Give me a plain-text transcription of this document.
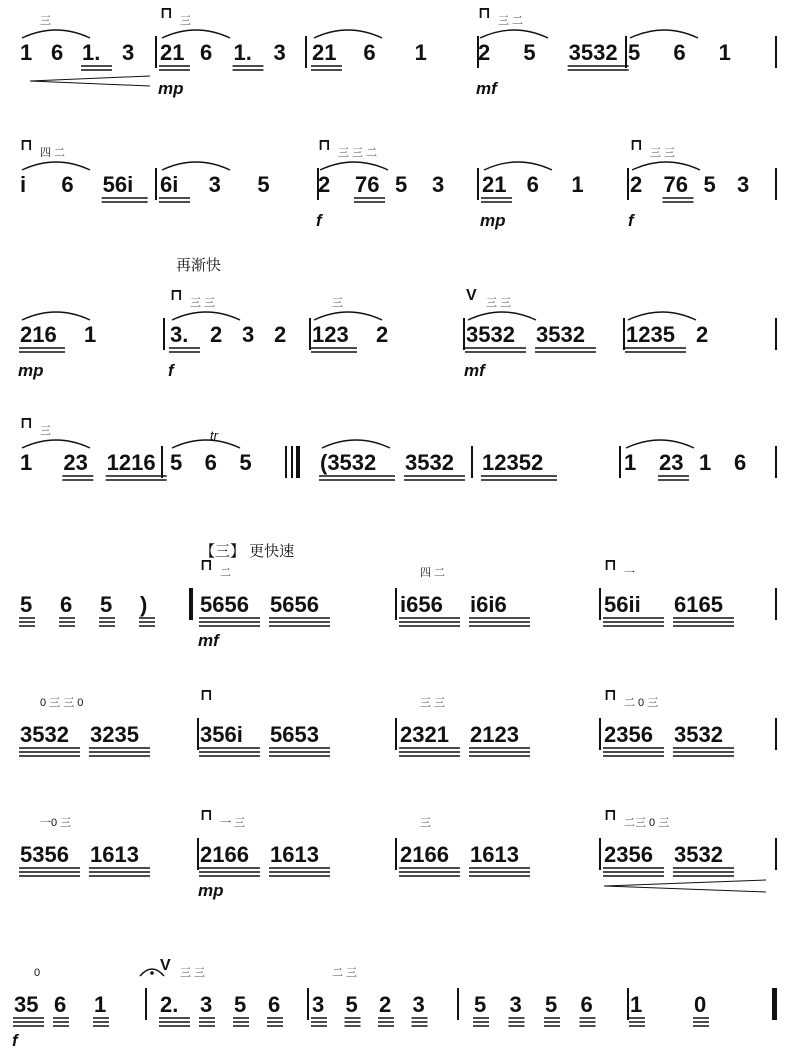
1 6 1. 3
三
21 6 1. 3
三
⊓
mp
21 6 1 2 5 3532
三 二
⊓
mf
5 6 1
i 6 56i
四 二
⊓
6i 3 5 2 76 5 3
三 三 二
⊓
f
21 6 1
mp
2 76 5 3
三 三
⊓
f
216 1
mp
3. 2 3 2
三 三
⊓
f
123 2
三
3532 3532
三 三
V
mf
1235 2
1 23 1216
三
⊓
5 6 5
tr
(3532 3532 12352	1 23 1 6
5 6 5 ) 5656 5656
二
⊓
mf
i656 i6i6
四 二
56ii 6165
一
⊓
3532 3235
0 三 三 0
356i 5653
⊓
2321 2123
三 三
2356 3532
二 0 三
⊓
5356 1613
一0 三
2166 1613
一 三
⊓
mp
2166 1613
三
2356 3532
二三 0 三
⊓
35 6 1
0
f
2. 3 5 6
三 三
V
3 5 2 3
二 三
5 3 5 6 1 0
再渐快
【三】 更快速
